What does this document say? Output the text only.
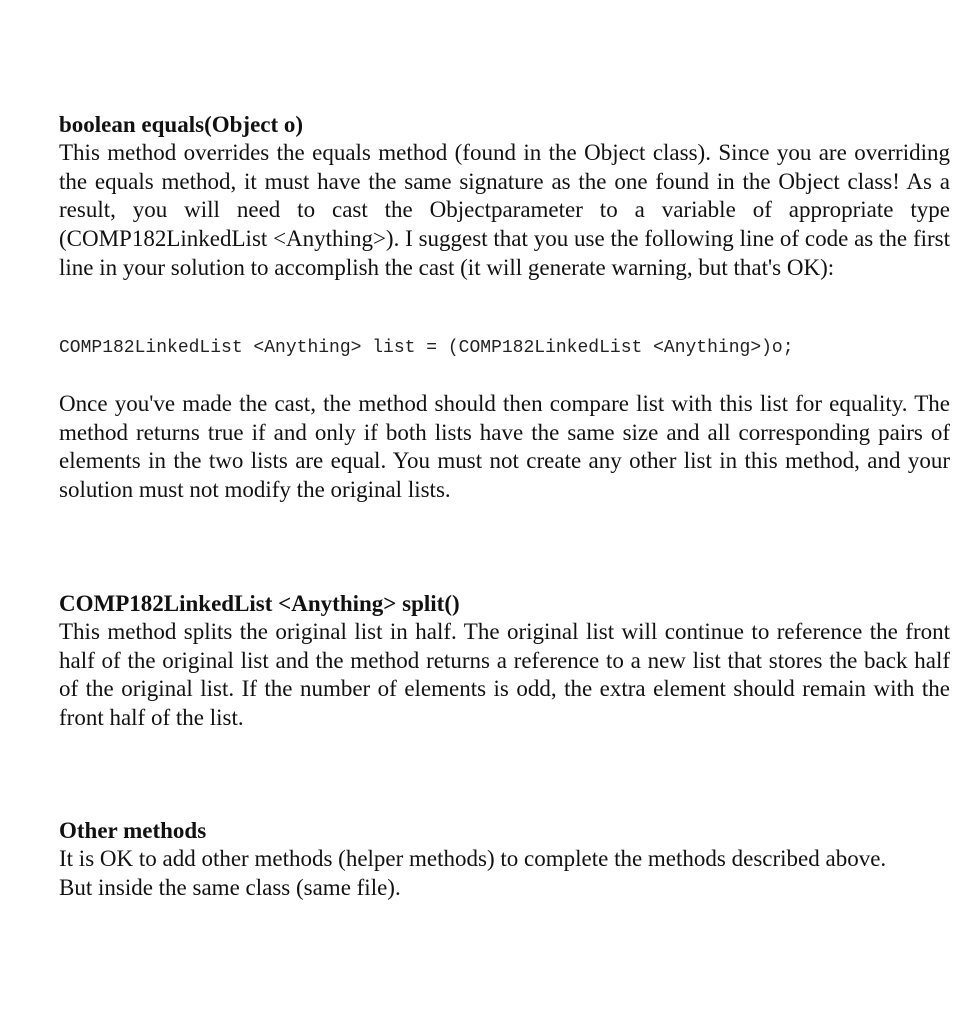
boolean equals(Object o)

This method overrides the equals method (found in the Object class). Since you are overriding the equals method, it must have the same signature as the one found in the Object class! As a result, you will need to cast the Objectparameter to a variable of appropriate type (COMP182LinkedList <Anything>). I suggest that you use the following line of code as the first line in your solution to accomplish the cast (it will generate warning, but that's OK):

COMP182LinkedList <Anything> list = (COMP182LinkedList <Anything>)o;

Once you've made the cast, the method should then compare list with this list for equality. The method returns true if and only if both lists have the same size and all corresponding pairs of elements in the two lists are equal. You must not create any other list in this method, and your solution must not modify the original lists.

COMP182LinkedList <Anything> split()

This method splits the original list in half. The original list will continue to reference the front half of the original list and the method returns a reference to a new list that stores the back half of the original list. If the number of elements is odd, the extra element should remain with the front half of the list.

Other methods

It is OK to add other methods (helper methods) to complete the methods described above.

But inside the same class (same file).
